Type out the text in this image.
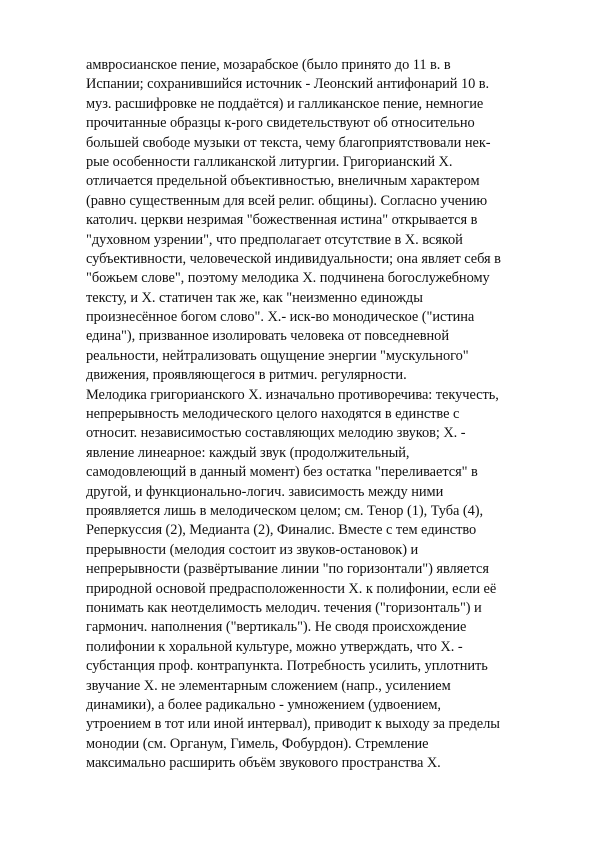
амвросианское пение, мозарабское (было принято до 11 в. в
Испании; сохранившийся источник - Леонский антифонарий 10 в.
муз. расшифровке не поддаётся) и галликанское пение, немногие
прочитанные образцы к-рого свидетельствуют об относительно
большей свободе музыки от текста, чему благоприятствовали нек-
рые особенности галликанской литургии. Григорианский X.
отличается предельной объективностью, внеличным характером
(равно существенным для всей религ. общины). Согласно учению
католич. церкви незримая "божественная истина" открывается в
"духовном узрении", что предполагает отсутствие в X. всякой
субъективности, человеческой индивидуальности; она являет себя в
"божьем слове", поэтому мелодика X. подчинена богослужебному
тексту, и X. статичен так же, как "неизменно единожды
произнесённое богом слово". X.- иск-во монодическое ("истина
едина"), призванное изолировать человека от повседневной
реальности, нейтрализовать ощущение энергии "мускульного"
движения, проявляющегося в ритмич. регулярности.
Мелодика григорианского X. изначально противоречива: текучесть,
непрерывность мелодического целого находятся в единстве с
относит. независимостью составляющих мелодию звуков; X. -
явление линеарное: каждый звук (продолжительный,
самодовлеющий в данный момент) без остатка "переливается" в
другой, и функционально-логич. зависимость между ними
проявляется лишь в мелодическом целом; см. Тенор (1), Туба (4),
Реперкуссия (2), Медианта (2), Финалис. Вместе с тем единство
прерывности (мелодия состоит из звуков-остановок) и
непрерывности (развёртывание линии "по горизонтали") является
природной основой предрасположенности X. к полифонии, если её
понимать как неотделимость мелодич. течения ("горизонталь") и
гармонич. наполнения ("вертикаль"). Не сводя происхождение
полифонии к хоральной культуре, можно утверждать, что X. -
субстанция проф. контрапункта. Потребность усилить, уплотнить
звучание X. не элементарным сложением (напр., усилением
динамики), а более радикально - умножением (удвоением,
утроением в тот или иной интервал), приводит к выходу за пределы
монодии (см. Органум, Гимель, Фобурдон). Стремление
максимально расширить объём звукового пространства X.
